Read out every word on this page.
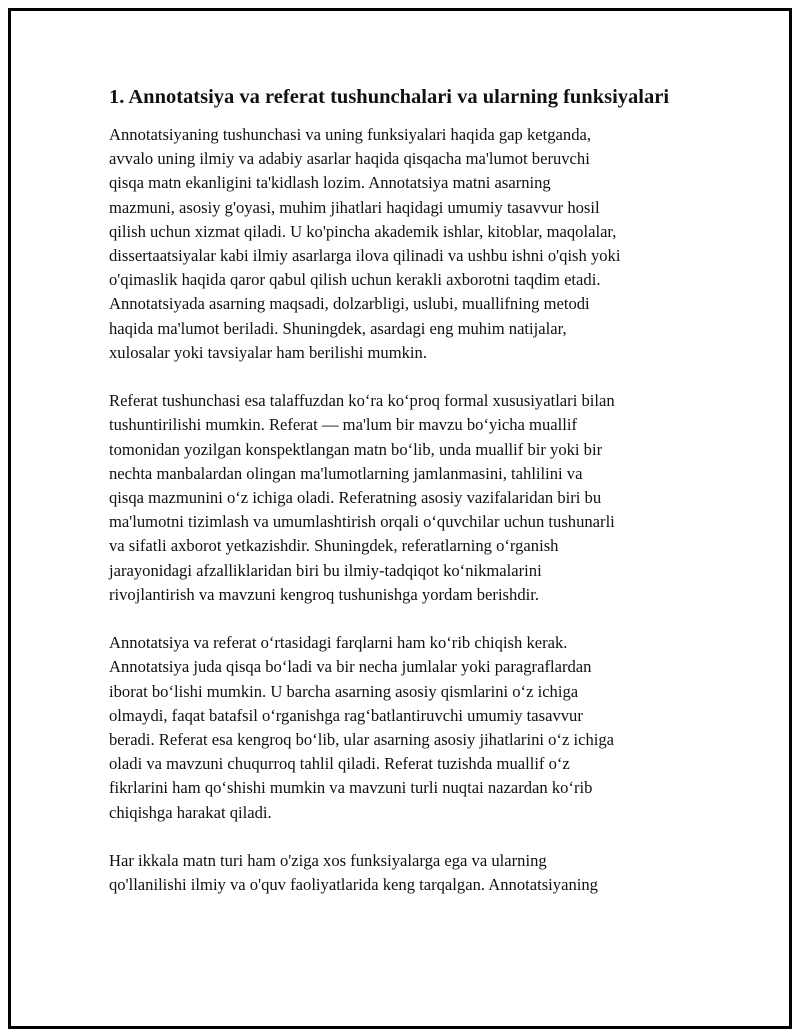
1. Annotatsiya va referat tushunchalari va ularning funksiyalari

Annotatsiyaning tushunchasi va uning funksiyalari haqida gap ketganda,
avvalo uning ilmiy va adabiy asarlar haqida qisqacha ma'lumot beruvchi
qisqa matn ekanligini ta'kidlash lozim. Annotatsiya matni asarning
mazmuni, asosiy g'oyasi, muhim jihatlari haqidagi umumiy tasavvur hosil
qilish uchun xizmat qiladi. U ko'pincha akademik ishlar, kitoblar, maqolalar,
dissertaatsiyalar kabi ilmiy asarlarga ilova qilinadi va ushbu ishni o'qish yoki
o'qimaslik haqida qaror qabul qilish uchun kerakli axborotni taqdim etadi.
Annotatsiyada asarning maqsadi, dolzarbligi, uslubi, muallifning metodi
haqida ma'lumot beriladi. Shuningdek, asardagi eng muhim natijalar,
xulosalar yoki tavsiyalar ham berilishi mumkin.

Referat tushunchasi esa talaffuzdan ko‘ra ko‘proq formal xususiyatlari bilan
tushuntirilishi mumkin. Referat — ma'lum bir mavzu bo‘yicha muallif
tomonidan yozilgan konspektlangan matn bo‘lib, unda muallif bir yoki bir
nechta manbalardan olingan ma'lumotlarning jamlanmasini, tahlilini va
qisqa mazmunini o‘z ichiga oladi. Referatning asosiy vazifalaridan biri bu
ma'lumotni tizimlash va umumlashtirish orqali o‘quvchilar uchun tushunarli
va sifatli axborot yetkazishdir. Shuningdek, referatlarning o‘rganish
jarayonidagi afzalliklaridan biri bu ilmiy-tadqiqot ko‘nikmalarini
rivojlantirish va mavzuni kengroq tushunishga yordam berishdir.

Annotatsiya va referat o‘rtasidagi farqlarni ham ko‘rib chiqish kerak.
Annotatsiya juda qisqa bo‘ladi va bir necha jumlalar yoki paragraflardan
iborat bo‘lishi mumkin. U barcha asarning asosiy qismlarini o‘z ichiga
olmaydi, faqat batafsil o‘rganishga rag‘batlantiruvchi umumiy tasavvur
beradi. Referat esa kengroq bo‘lib, ular asarning asosiy jihatlarini o‘z ichiga
oladi va mavzuni chuqurroq tahlil qiladi. Referat tuzishda muallif o‘z
fikrlarini ham qo‘shishi mumkin va mavzuni turli nuqtai nazardan ko‘rib
chiqishga harakat qiladi.

Har ikkala matn turi ham o'ziga xos funksiyalarga ega va ularning
qo'llanilishi ilmiy va o'quv faoliyatlarida keng tarqalgan. Annotatsiyaning
